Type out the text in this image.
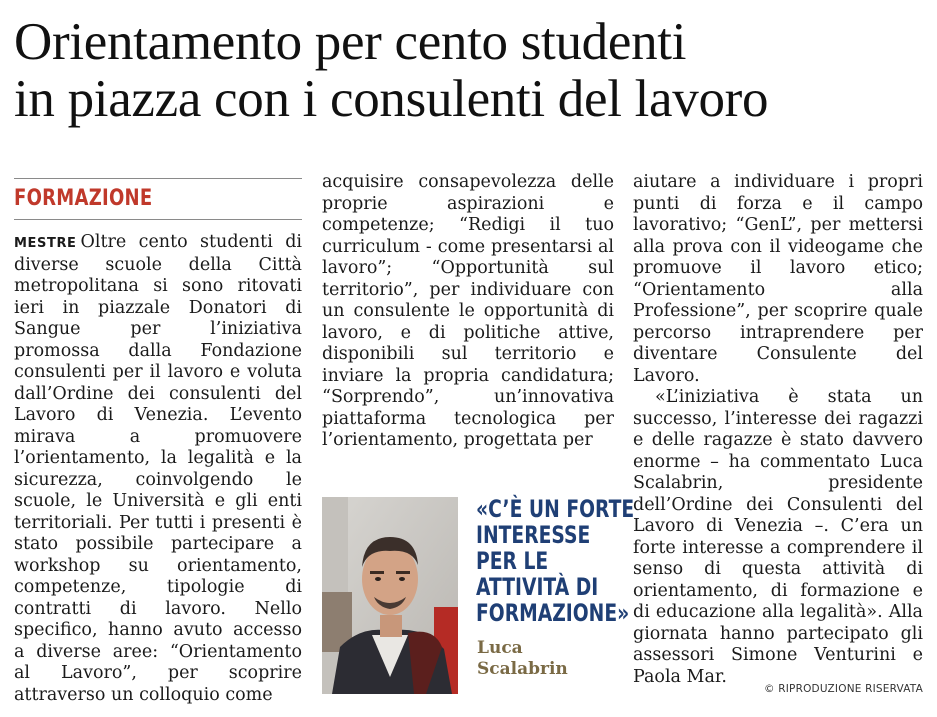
Orientamento per cento studenti
in piazza con i consulenti del lavoro
FORMAZIONE

MESTRE Oltre cento studenti di diverse scuole della Città metropolitana si sono ritovati ieri in piazzale Donatori di Sangue per l’iniziativa promossa dalla Fondazione consulenti per il lavoro e voluta dall’Ordine dei consulenti del Lavoro di Venezia. L’evento mirava a promuovere l’orientamento, la legalità e la sicurezza, coinvolgendo le scuole, le Università e gli enti territoriali. Per tutti i presenti è stato possibile partecipare a workshop su orientamento, competenze, tipologie di contratti di lavoro. Nello specifico, hanno avuto accesso a diverse aree: “Orientamento al Lavoro”, per scoprire attraverso un colloquio come

acquisire consapevolezza delle proprie aspirazioni e competenze; “Redigi il tuo curriculum - come presentarsi al lavoro”; “Opportunità sul territorio”, per individuare con un consulente le opportunità di lavoro, e di politiche attive, disponibili sul territorio e inviare la propria candidatura; “Sorprendo”, un’innovativa piattaforma tecnologica per l’orientamento, progettata per

aiutare a individuare i propri punti di forza e il campo lavorativo; “GenL”, per mettersi alla prova con il videogame che promuove il lavoro etico; “Orientamento alla Professione”, per scoprire quale percorso intraprendere per diventare Consulente del Lavoro.

«L’iniziativa è stata un successo, l’interesse dei ragazzi e delle ragazze è stato davvero enorme – ha commentato Luca Scalabrin, presidente dell’Ordine dei Consulenti del Lavoro di Venezia –. C’era un forte interesse a comprendere il senso di questa attività di orientamento, di formazione e di educazione alla legalità». Alla giornata hanno partecipato gli assessori Simone Venturini e Paola Mar.

«C’È UN FORTE
INTERESSE
PER LE
ATTIVITÀ DI
FORMAZIONE»
Luca
Scalabrin
© RIPRODUZIONE RISERVATA
